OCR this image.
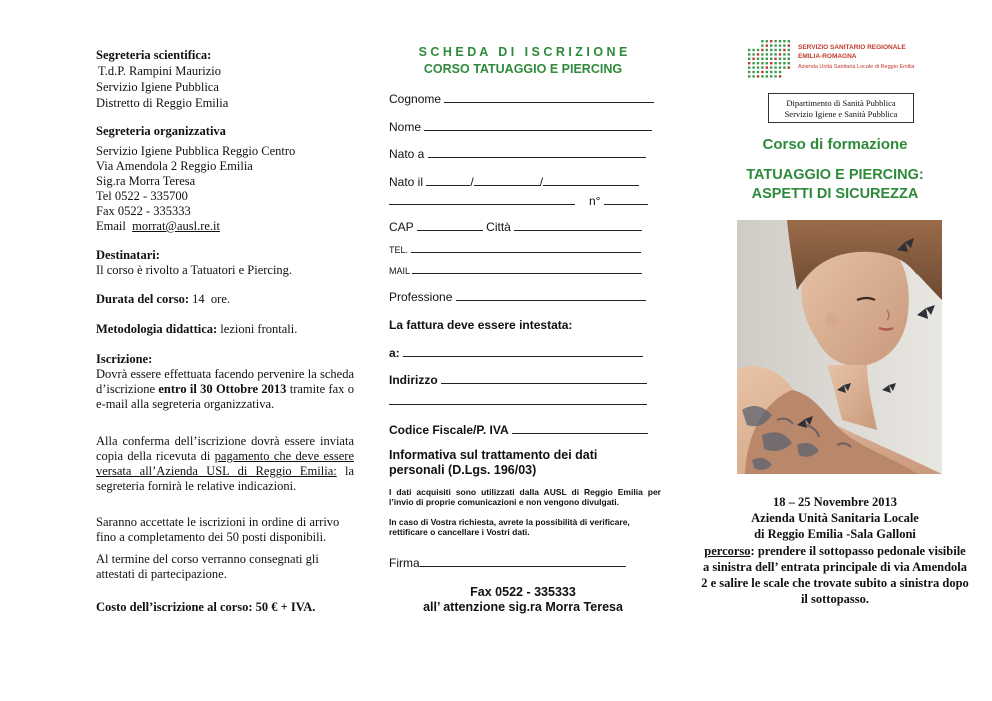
Segreteria scientifica:
T.d.P. Rampini Maurizio
Servizio Igiene Pubblica
Distretto di Reggio Emilia
Segreteria organizzativa
Servizio Igiene Pubblica Reggio Centro
Via Amendola 2 Reggio Emilia
Sig.ra Morra Teresa
Tel 0522 - 335700
Fax 0522 - 335333
Email  morrat@ausl.re.it
Destinatari:
Il corso è rivolto a Tatuatori e Piercing.
Durata del corso: 14  ore.
Metodologia didattica: lezioni frontali.
Iscrizione:
Dovrà essere effettuata facendo pervenire la scheda d’iscrizione entro il 30 Ottobre 2013 tramite fax o e-mail alla segreteria organizzativa.
Alla conferma dell’iscrizione dovrà essere inviata copia della ricevuta di pagamento che deve essere versata all’Azienda USL di Reggio Emilia: la segreteria fornirà le relative indicazioni.
Saranno accettate le iscrizioni in ordine di arrivo fino a completamento dei 50 posti disponibili.
Al termine del corso verranno consegnati gli attestati di partecipazione.
Costo dell’iscrizione al corso: 50 € + IVA.
S C H E D A   D I   I S C R I Z I O N E
CORSO TATUAGGIO E PIERCING
Cognome
Nome
Nato a
Nato il	/	/
n°
CAP	Città
TEL.
MAIL
Professione
La fattura deve essere intestata:
a:
Indirizzo
Codice Fiscale/P. IVA
Informativa sul trattamento dei dati personali (D.Lgs. 196/03)
I dati acquisiti sono utilizzati dalla AUSL di Reggio Emilia per l’invio di proprie comunicazioni e non vengono divulgati.
In caso di Vostra richiesta, avrete la possibilità di verificare, rettificare o cancellare i Vostri dati.
Firma
Fax 0522 - 335333
all’ attenzione sig.ra Morra Teresa
SERVIZIO SANITARIO REGIONALE
EMILIA-ROMAGNA
Azienda Unità Sanitaria Locale di Reggio Emilia
Dipartimento di Sanità Pubblica
Servizio Igiene e Sanità Pubblica
Corso di formazione
TATUAGGIO E PIERCING:
ASPETTI DI SICUREZZA
18 – 25 Novembre 2013
Azienda Unità Sanitaria Locale
di Reggio Emilia -Sala Galloni
percorso: prendere il sottopasso pedonale visibile a sinistra dell’ entrata principale di via Amendola 2 e salire le scale che trovate subito a sinistra dopo il sottopasso.
